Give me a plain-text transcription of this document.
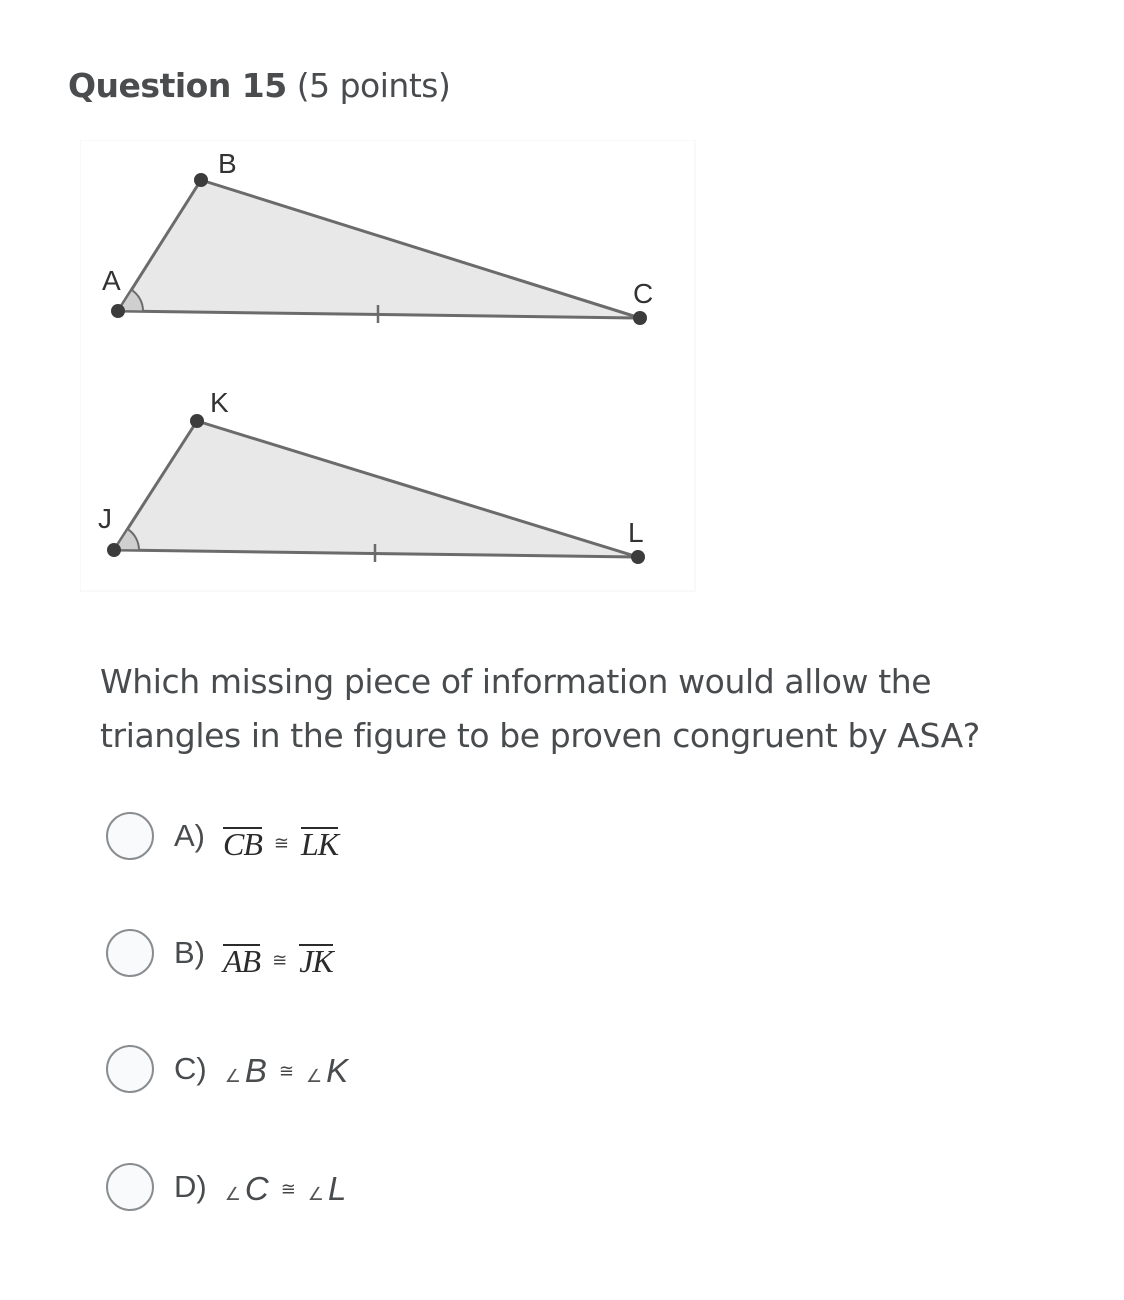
Question 15 (5 points)
A
B
C
J
K
L
Which missing piece of information would allow the triangles in the figure to be proven congruent by ASA?
A) CB ≅ LK
B) AB ≅ JK
C) ∠ B ≅ ∠ K
D) ∠ C ≅ ∠ L
